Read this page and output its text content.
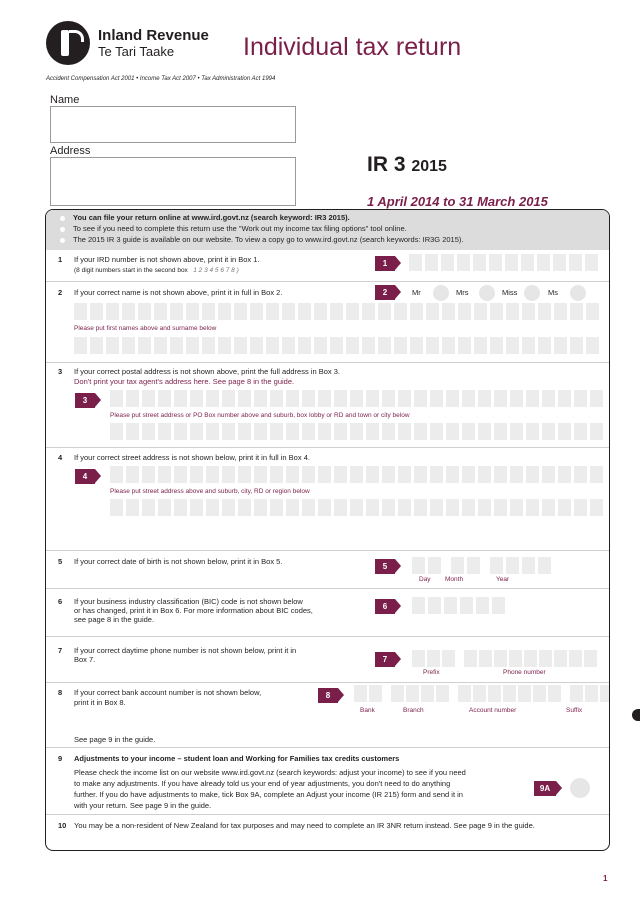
Inland Revenue
Te Tari Taake	Individual tax return
Accident Compensation Act 2001 • Income Tax Act 2007 • Tax Administration Act 1994
Name
Address
IR 3 2015
1 April 2014 to 31 March 2015
You can file your return online at www.ird.govt.nz (search keyword: IR3 2015).
To see if you need to complete this return use the "Work out my income tax filing options" tool online.
The 2015 IR 3 guide is available on our website. To view a copy go to www.ird.govt.nz (search keywords: IR3G 2015).
1 If your IRD number is not shown above, print it in Box 1.
(8 digit numbers start in the second box 1 2 3 4 5 6 7 8 )
1
2 If your correct name is not shown above, print it in full in Box 2.	2	Mr	Mrs	Miss	Ms
Please put first names above and surname below
3 If your correct postal address is not shown above, print the full address in Box 3.
Don't print your tax agent's address here. See page 8 in the guide.
3
Please put street address or PO Box number above and suburb, box lobby or RD and town or city below
4 If your correct street address is not shown below, print it in full in Box 4.
4
Please put street address above and suburb, city, RD or region below
5 If your correct date of birth is not shown below, print it in Box 5.
5
Day Month	Year
6 If your business industry classification (BIC) code is not shown below
or has changed, print it in Box 6. For more information about BIC codes,
see page 8 in the guide.
6
7 If your correct daytime phone number is not shown below, print it in
Box 7.	7
Prefix	Phone number
8 If your correct bank account number is not shown below,
print it in Box 8.
8
Bank	Branch	Account number	Suffix
See page 9 in the guide.
9 Adjustments to your income – student loan and Working for Families tax credits customers
Please check the income list on our website www.ird.govt.nz (search keywords: adjust your income) to see if you need
to make any adjustments. If you have already told us your end of year adjustments, you don't need to do anything
further. If you do have adjustments to make, tick Box 9A, complete an Adjust your income (IR 215) form and send it in
with your return. See page 9 in the guide.
9A
10 You may be a non-resident of New Zealand for tax purposes and may need to complete an IR 3NR return instead. See page 9 in the guide.
1
